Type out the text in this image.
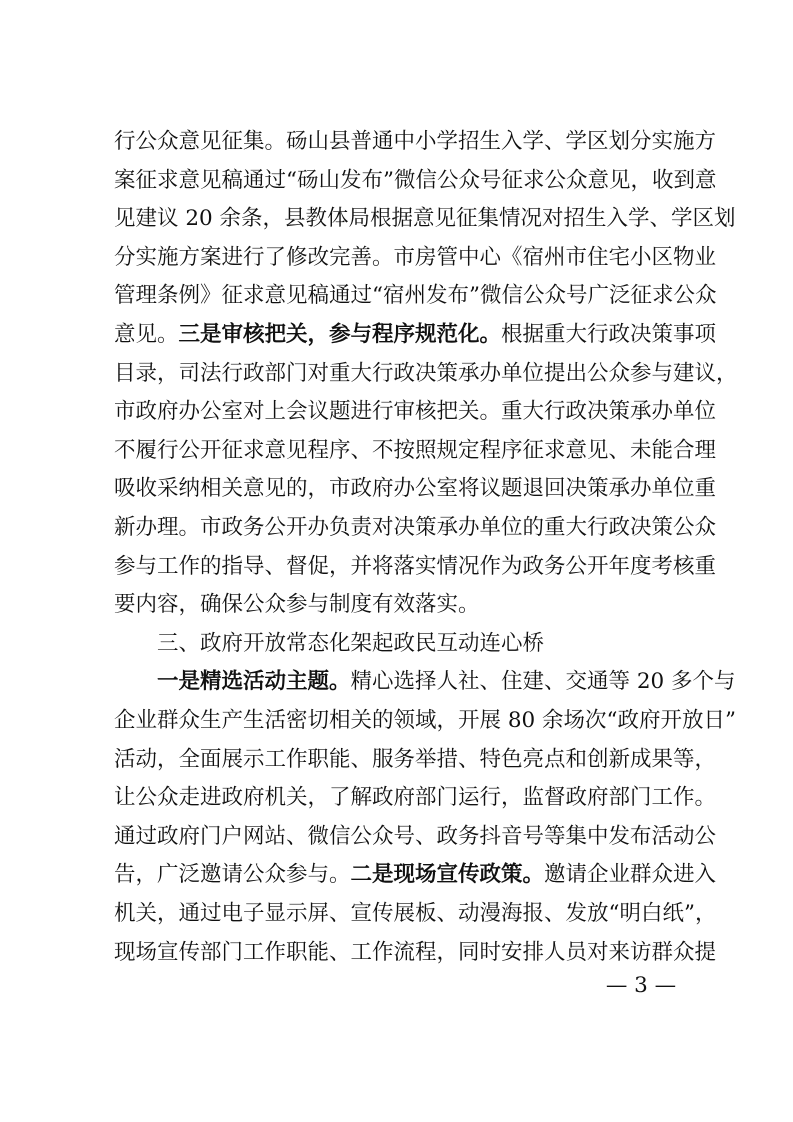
行公众意见征集。砀山县普通中小学招生入学、学区划分实施方
案征求意见稿通过“砀山发布”微信公众号征求公众意见，收到意
见建议 20 余条，县教体局根据意见征集情况对招生入学、学区划
分实施方案进行了修改完善。市房管中心《宿州市住宅小区物业
管理条例》征求意见稿通过“宿州发布”微信公众号广泛征求公众
意见。三是审核把关，参与程序规范化。根据重大行政决策事项
目录，司法行政部门对重大行政决策承办单位提出公众参与建议，
市政府办公室对上会议题进行审核把关。重大行政决策承办单位
不履行公开征求意见程序、不按照规定程序征求意见、未能合理
吸收采纳相关意见的，市政府办公室将议题退回决策承办单位重
新办理。市政务公开办负责对决策承办单位的重大行政决策公众
参与工作的指导、督促，并将落实情况作为政务公开年度考核重
要内容，确保公众参与制度有效落实。
三、政府开放常态化架起政民互动连心桥
一是精选活动主题。精心选择人社、住建、交通等 20 多个与
企业群众生产生活密切相关的领域，开展 80 余场次“政府开放日”
活动，全面展示工作职能、服务举措、特色亮点和创新成果等，
让公众走进政府机关，了解政府部门运行，监督政府部门工作。
通过政府门户网站、微信公众号、政务抖音号等集中发布活动公
告，广泛邀请公众参与。二是现场宣传政策。邀请企业群众进入
机关，通过电子显示屏、宣传展板、动漫海报、发放“明白纸”，
现场宣传部门工作职能、工作流程，同时安排人员对来访群众提
— 3 —
